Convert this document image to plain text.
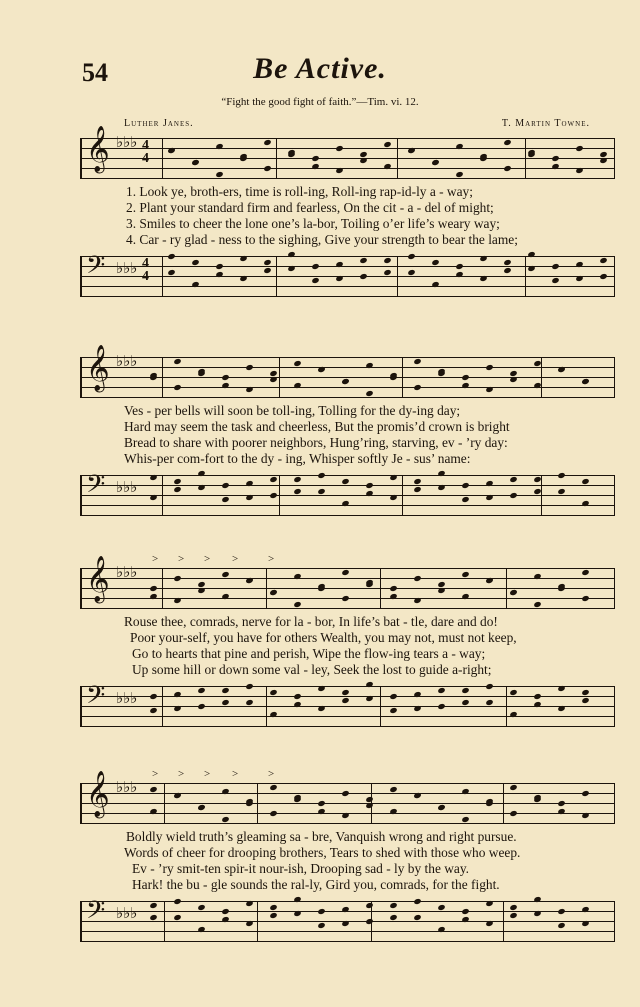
54	Be Active.
“Fight the good fight of faith.”—Tim. vi. 12.
Luther Janes.	T. Martin Towne.
𝄞 ♭♭♭ 4
4
𝄢 ♭♭♭ 4
4
1. Look ye, broth-ers, time is roll-ing, Roll-ing rap-id-ly a - way;
2. Plant your standard firm and fearless, On the cit - a - del of might;
3. Smiles to cheer the lone one’s la-bor, Toiling o’er life’s weary way;
4. Car - ry glad - ness to the sighing, Give your strength to bear the lame;
𝄞 ♭♭♭
𝄢 ♭♭♭
Ves - per bells will soon be toll-ing, Tolling for the dy-ing day;
Hard may seem the task and cheerless, But the promis’d crown is bright
Bread to share with poorer neighbors, Hung’ring, starving, ev - ’ry day:
Whis-per com-fort to the dy - ing, Whisper softly Je - sus’ name:
𝄞 ♭♭♭
𝄢 ♭♭♭
> > > >	>
Rouse thee, comrads, nerve for la - bor, In life’s bat - tle, dare and do!
Poor your-self, you have for others Wealth, you may not, must not keep,
Go to hearts that pine and perish, Wipe the flow-ing tears a - way;
Up some hill or down some val - ley, Seek the lost to guide a-right;
𝄞 ♭♭♭
𝄢 ♭♭♭
> > > >	>
Boldly wield truth’s gleaming sa - bre, Vanquish wrong and right pursue.
Words of cheer for drooping brothers, Tears to shed with those who weep.
Ev - ’ry smit-ten spir-it nour-ish, Drooping sad - ly by the way.
Hark! the bu - gle sounds the ral-ly, Gird you, comrads, for the fight.
